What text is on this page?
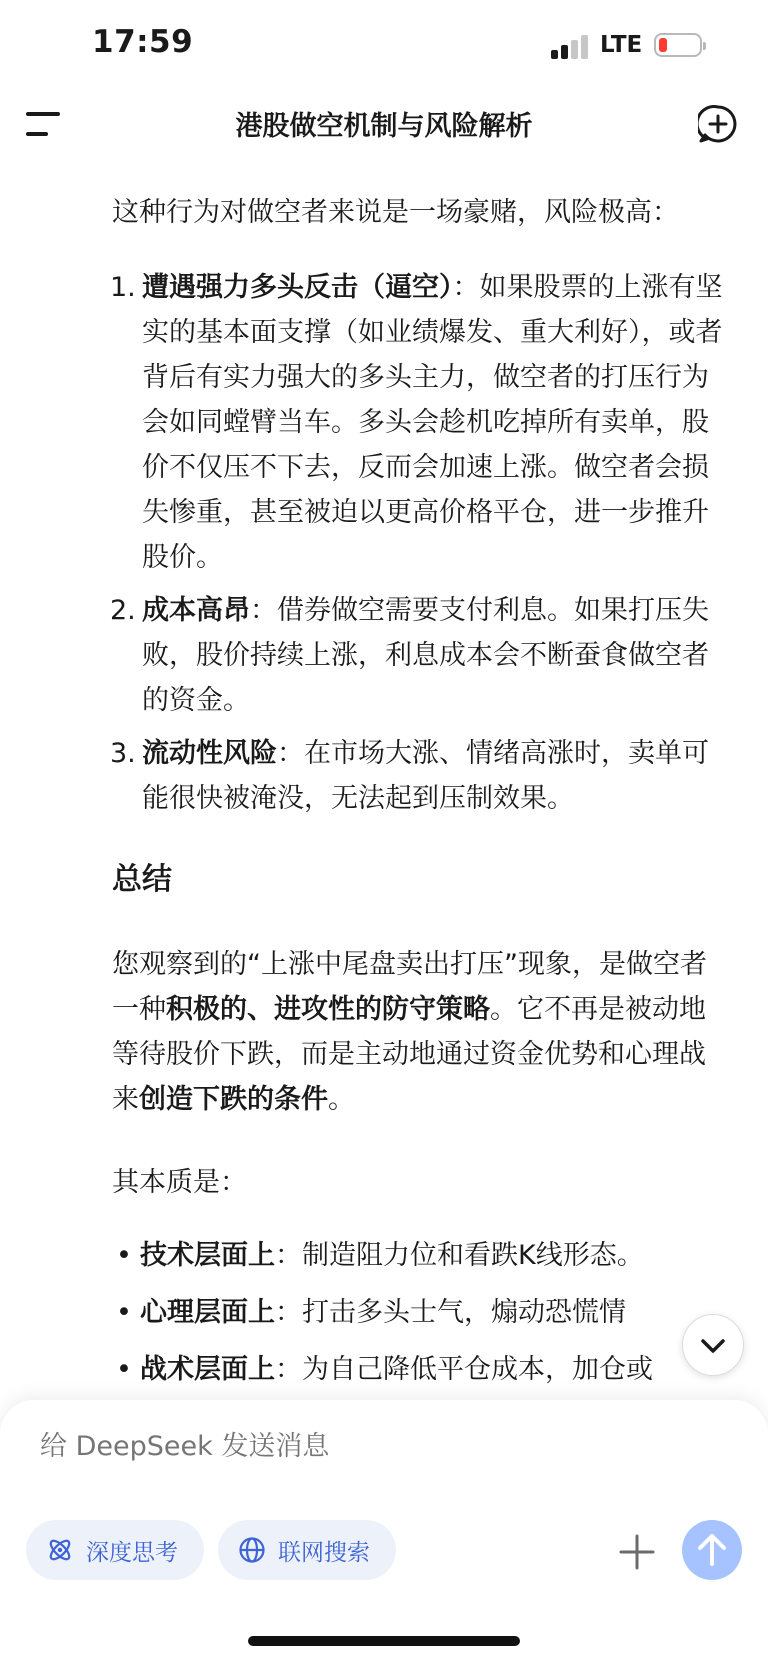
17:59	LTE
港股做空机制与风险解析

这种行为对做空者来说是一场豪赌，风险极高：

1. 遭遇强力多头反击（逼空）：如果股票的上涨有坚实的基本面支撑（如业绩爆发、重大利好），或者背后有实力强大的多头主力，做空者的打压行为会如同螳臂当车。多头会趁机吃掉所有卖单，股价不仅压不下去，反而会加速上涨。做空者会损失惨重，甚至被迫以更高价格平仓，进一步推升股价。
2. 成本高昂：借券做空需要支付利息。如果打压失败，股价持续上涨，利息成本会不断蚕食做空者的资金。
3. 流动性风险：在市场大涨、情绪高涨时，卖单可能很快被淹没，无法起到压制效果。

总结

您观察到的“上涨中尾盘卖出打压”现象，是做空者一种积极的、进攻性的防守策略。它不再是被动地等待股价下跌，而是主动地通过资金优势和心理战来创造下跌的条件。

其本质是：

• 技术层面上：制造阻力位和看跌K线形态。
• 心理层面上：打击多头士气，煽动恐慌情
• 战术层面上：为自己降低平仓成本，加仓或
给 DeepSeek 发送消息
深度思考	联网搜索
